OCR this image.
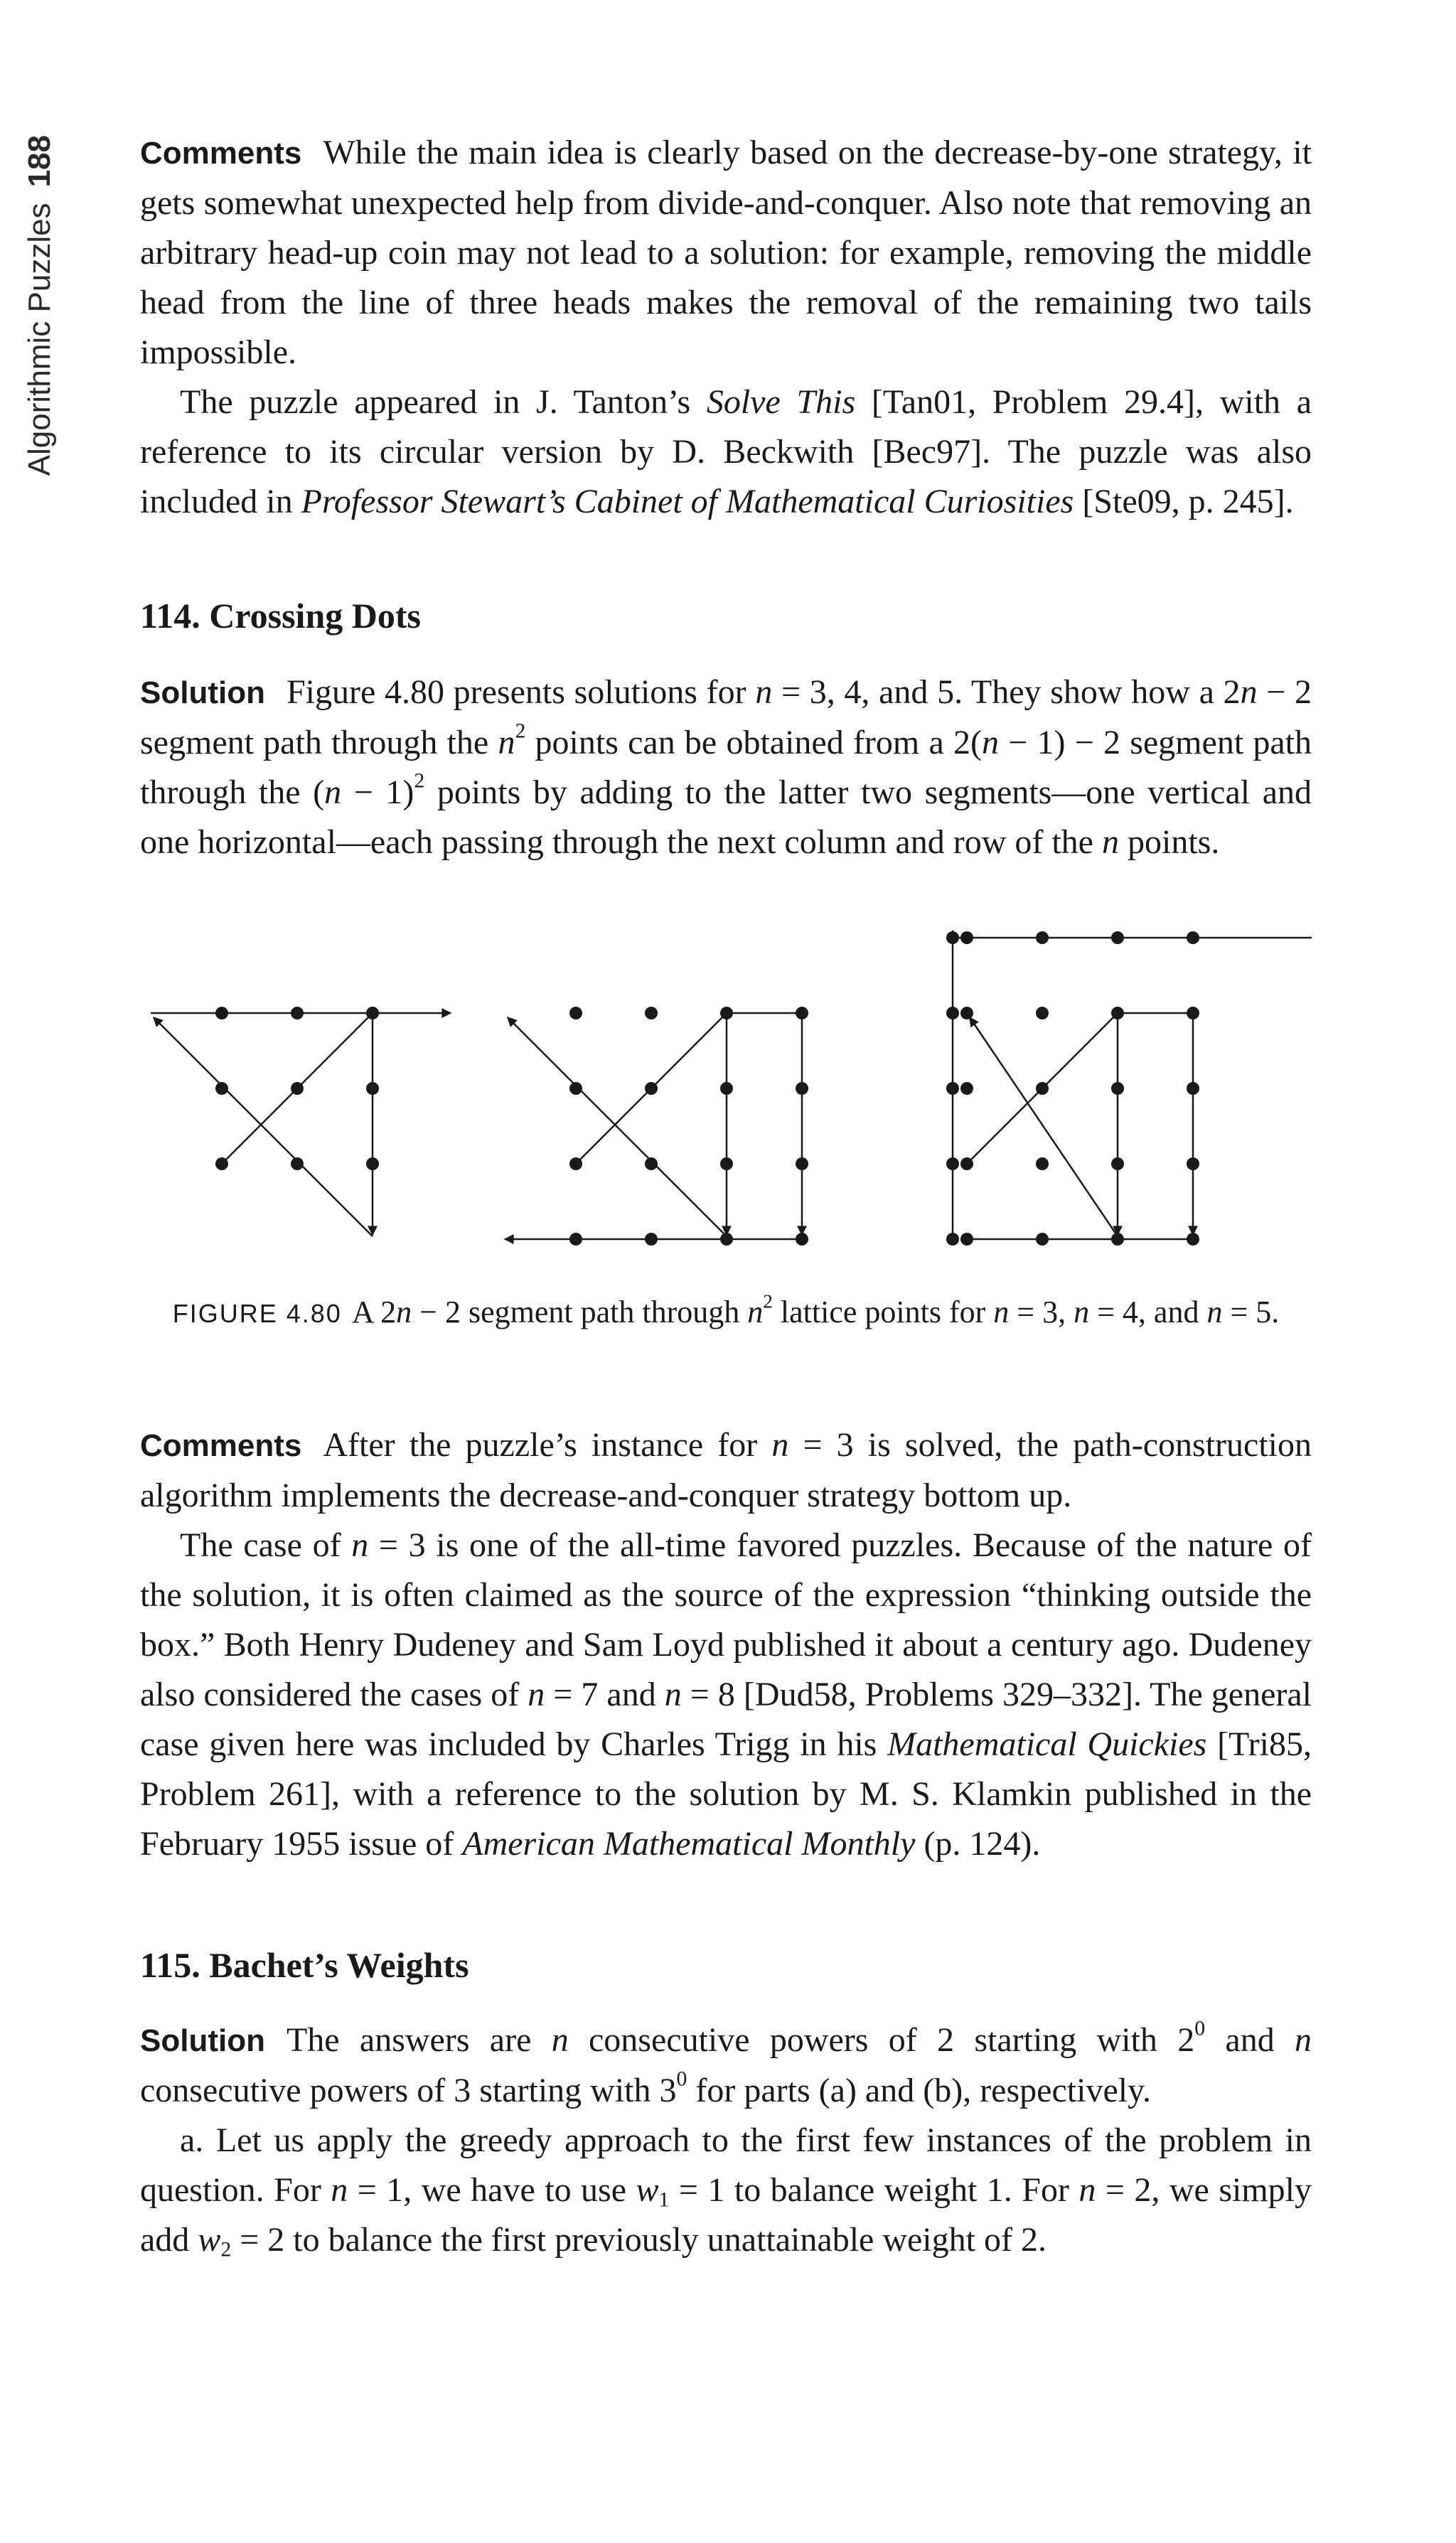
Algorithmic Puzzles
188	Comments While the main idea is clearly based on the decrease-by-one strategy, it gets somewhat unexpected help from divide-and-conquer. Also note that removing an arbitrary head-up coin may not lead to a solution: for example, removing the middle head from the line of three heads makes the removal of the remaining two tails impossible.

The puzzle appeared in J. Tanton’s Solve This [Tan01, Problem 29.4], with a reference to its circular version by D. Beckwith [Bec97]. The puzzle was also included in Professor Stewart’s Cabinet of Mathematical Curiosities [Ste09, p. 245].

114. Crossing Dots

Solution Figure 4.80 presents solutions for n = 3, 4, and 5. They show how a 2n − 2 segment path through the $n^2$ points can be obtained from a 2(n − 1) − 2 segment path through the $(n - 1)^2$ points by adding to the latter two segments—one vertical and one horizontal—each passing through the next column and row of the n points.

FIGURE 4.80 A 2n − 2 segment path through $n^2$ lattice points for n = 3, n = 4, and n = 5.

Comments After the puzzle’s instance for n = 3 is solved, the path-construction algorithm implements the decrease-and-conquer strategy bottom up.

The case of n = 3 is one of the all-time favored puzzles. Because of the nature of the solution, it is often claimed as the source of the expression “thinking outside the box.” Both Henry Dudeney and Sam Loyd published it about a century ago. Dudeney also considered the cases of n = 7 and n = 8 [Dud58, Problems 329–332]. The general case given here was included by Charles Trigg in his Mathematical Quickies [Tri85, Problem 261], with a reference to the solution by M. S. Klamkin published in the February 1955 issue of American Mathematical Monthly (p. 124).

115. Bachet’s Weights

Solution The answers are n consecutive powers of 2 starting with $2^0$ and n consecutive powers of 3 starting with $3^0$ for parts (a) and (b), respectively.

a. Let us apply the greedy approach to the first few instances of the problem in question. For n = 1, we have to use $w_1 = 1$ to balance weight 1. For n = 2, we simply add $w_2 = 2$ to balance the first previously unattainable weight of 2.
